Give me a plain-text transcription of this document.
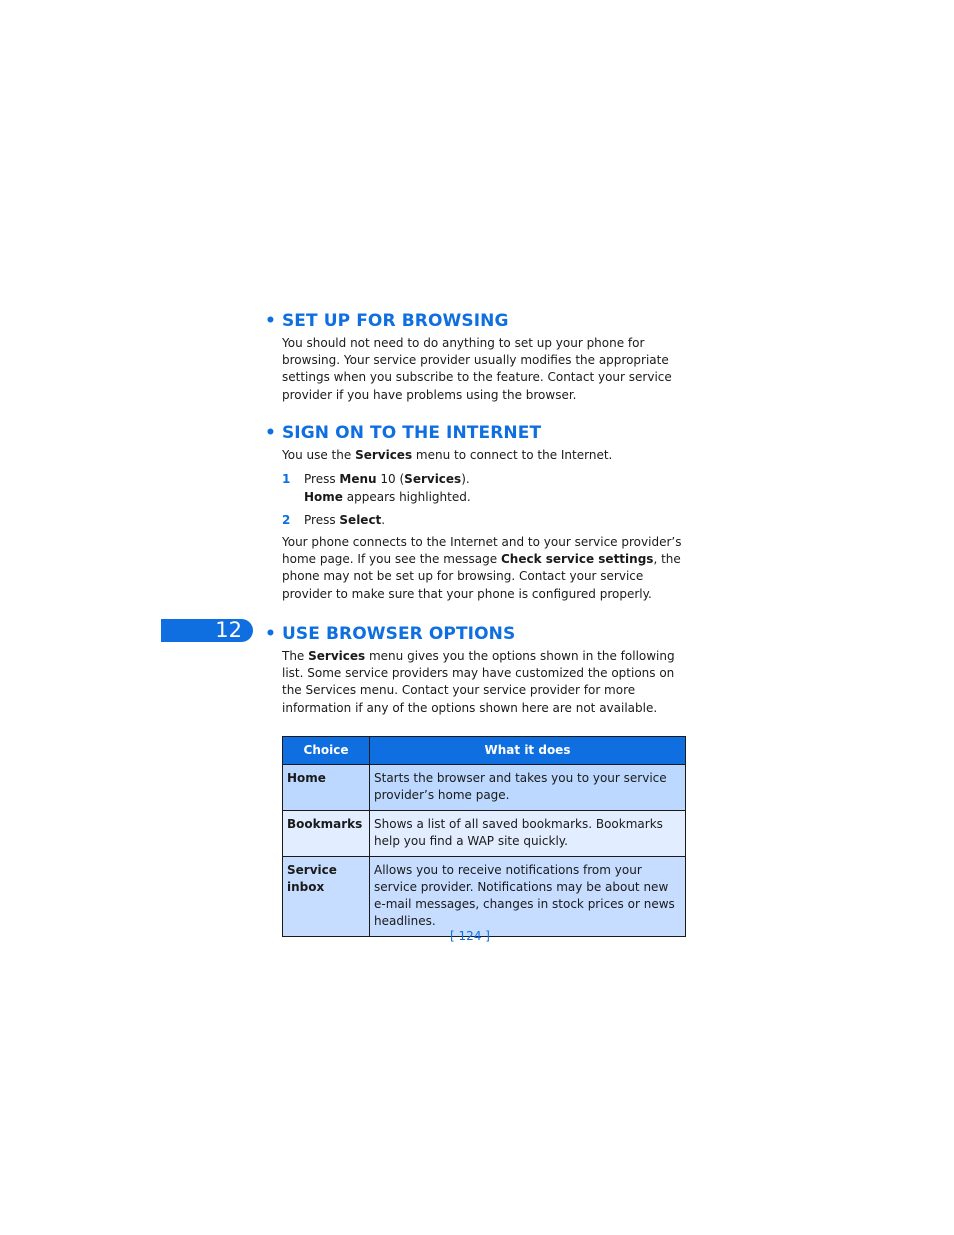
• SET UP FOR BROWSING

You should not need to do anything to set up your phone for browsing. Your service provider usually modifies the appropriate settings when you subscribe to the feature. Contact your service provider if you have problems using the browser.

• SIGN ON TO THE INTERNET

You use the Services menu to connect to the Internet.

1 Press Menu 10 (Services).
Home appears highlighted.
2 Press Select.

Your phone connects to the Internet and to your service provider’s home page. If you see the message Check service settings, the phone may not be set up for browsing. Contact your service provider to make sure that your phone is configured properly.

12	• USE BROWSER OPTIONS

The Services menu gives you the options shown in the following list. Some service providers may have customized the options on the Services menu. Contact your service provider for more information if any of the options shown here are not available.

Choice	What it does
Home	Starts the browser and takes you to your service provider’s home page.
Bookmarks	Shows a list of all saved bookmarks. Bookmarks help you find a WAP site quickly.
Service inbox	Allows you to receive notifications from your service provider. Notifications may be about new e-mail messages, changes in stock prices or news headlines.
[ 124 ]
